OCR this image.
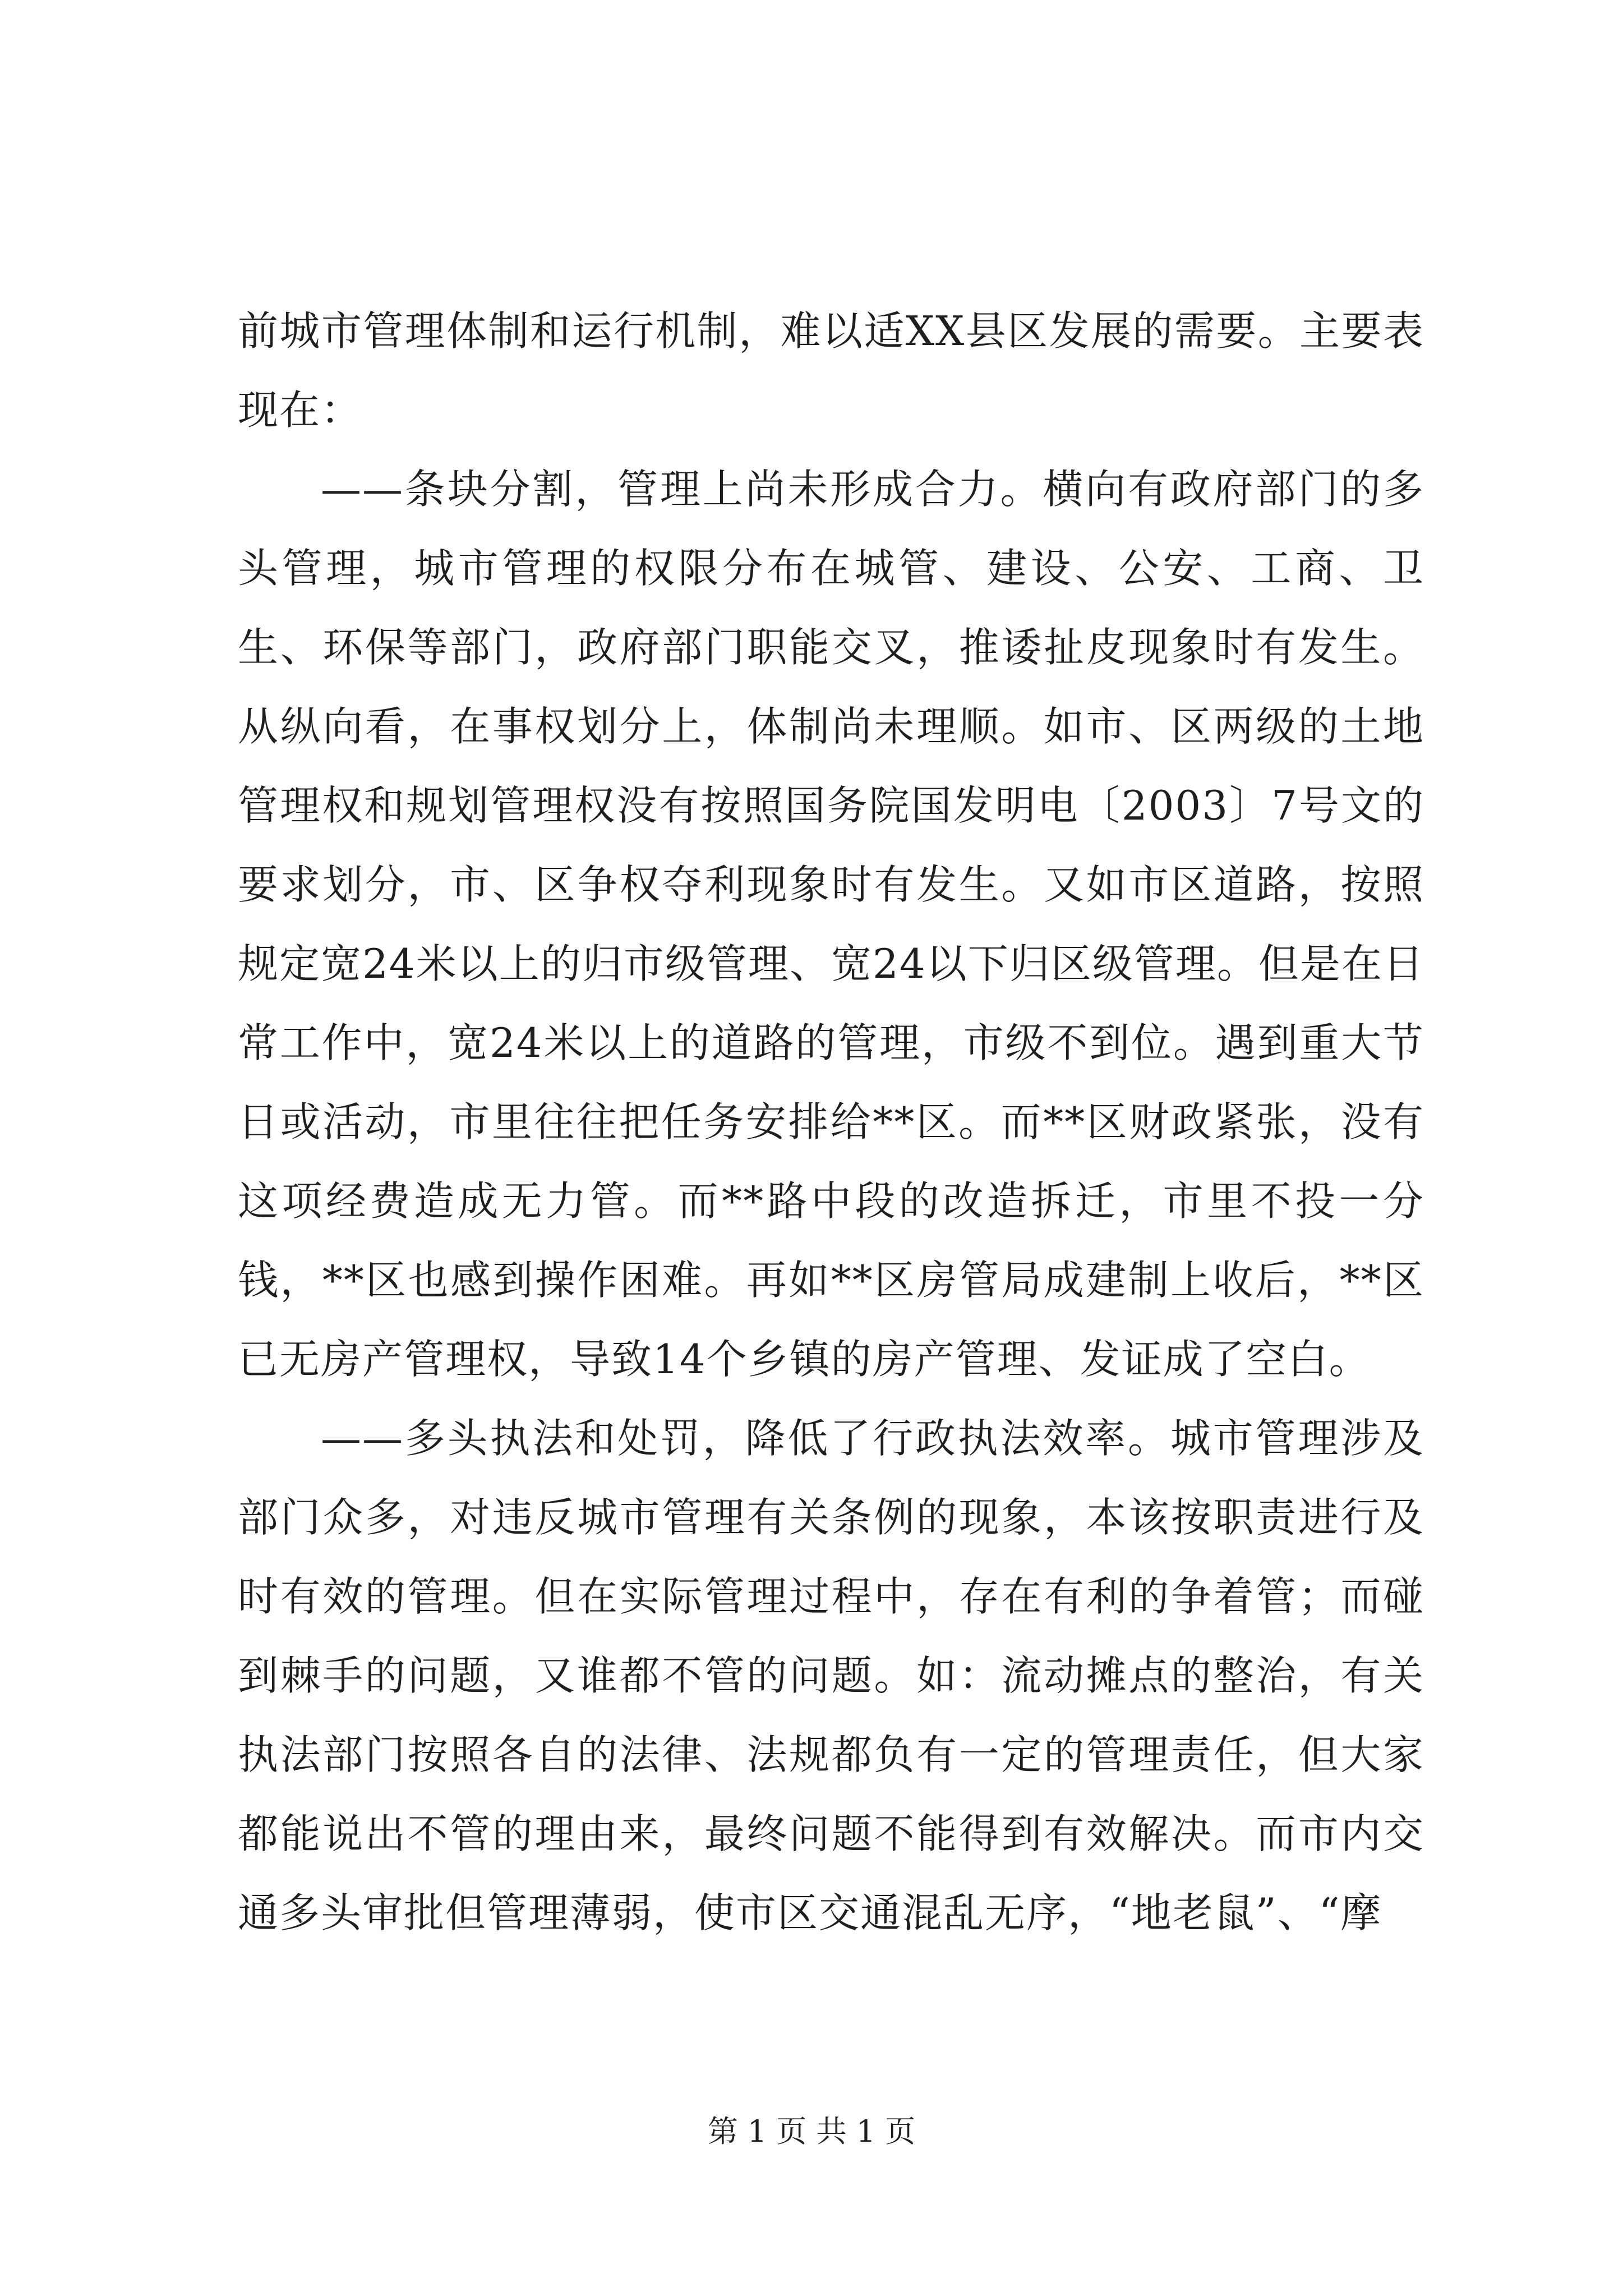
前城市管理体制和运行机制，难以适XX县区发展的需要。主要表现在：

——条块分割，管理上尚未形成合力。横向有政府部门的多头管理，城市管理的权限分布在城管、建设、公安、工商、卫生、环保等部门，政府部门职能交叉，推诿扯皮现象时有发生。从纵向看，在事权划分上，体制尚未理顺。如市、区两级的土地管理权和规划管理权没有按照国务院国发明电〔2003〕7号文的要求划分，市、区争权夺利现象时有发生。又如市区道路，按照规定宽24米以上的归市级管理、宽24以下归区级管理。但是在日常工作中，宽24米以上的道路的管理，市级不到位。遇到重大节日或活动，市里往往把任务安排给**区。而**区财政紧张，没有这项经费造成无力管。而**路中段的改造拆迁，市里不投一分钱，**区也感到操作困难。再如**区房管局成建制上收后，**区已无房产管理权，导致14个乡镇的房产管理、发证成了空白。

——多头执法和处罚，降低了行政执法效率。城市管理涉及部门众多，对违反城市管理有关条例的现象，本该按职责进行及时有效的管理。但在实际管理过程中，存在有利的争着管；而碰到棘手的问题，又谁都不管的问题。如：流动摊点的整治，有关执法部门按照各自的法律、法规都负有一定的管理责任，但大家都能说出不管的理由来，最终问题不能得到有效解决。而市内交通多头审批但管理薄弱，使市区交通混乱无序，“地老鼠”、“摩

第 1 页 共 1 页
